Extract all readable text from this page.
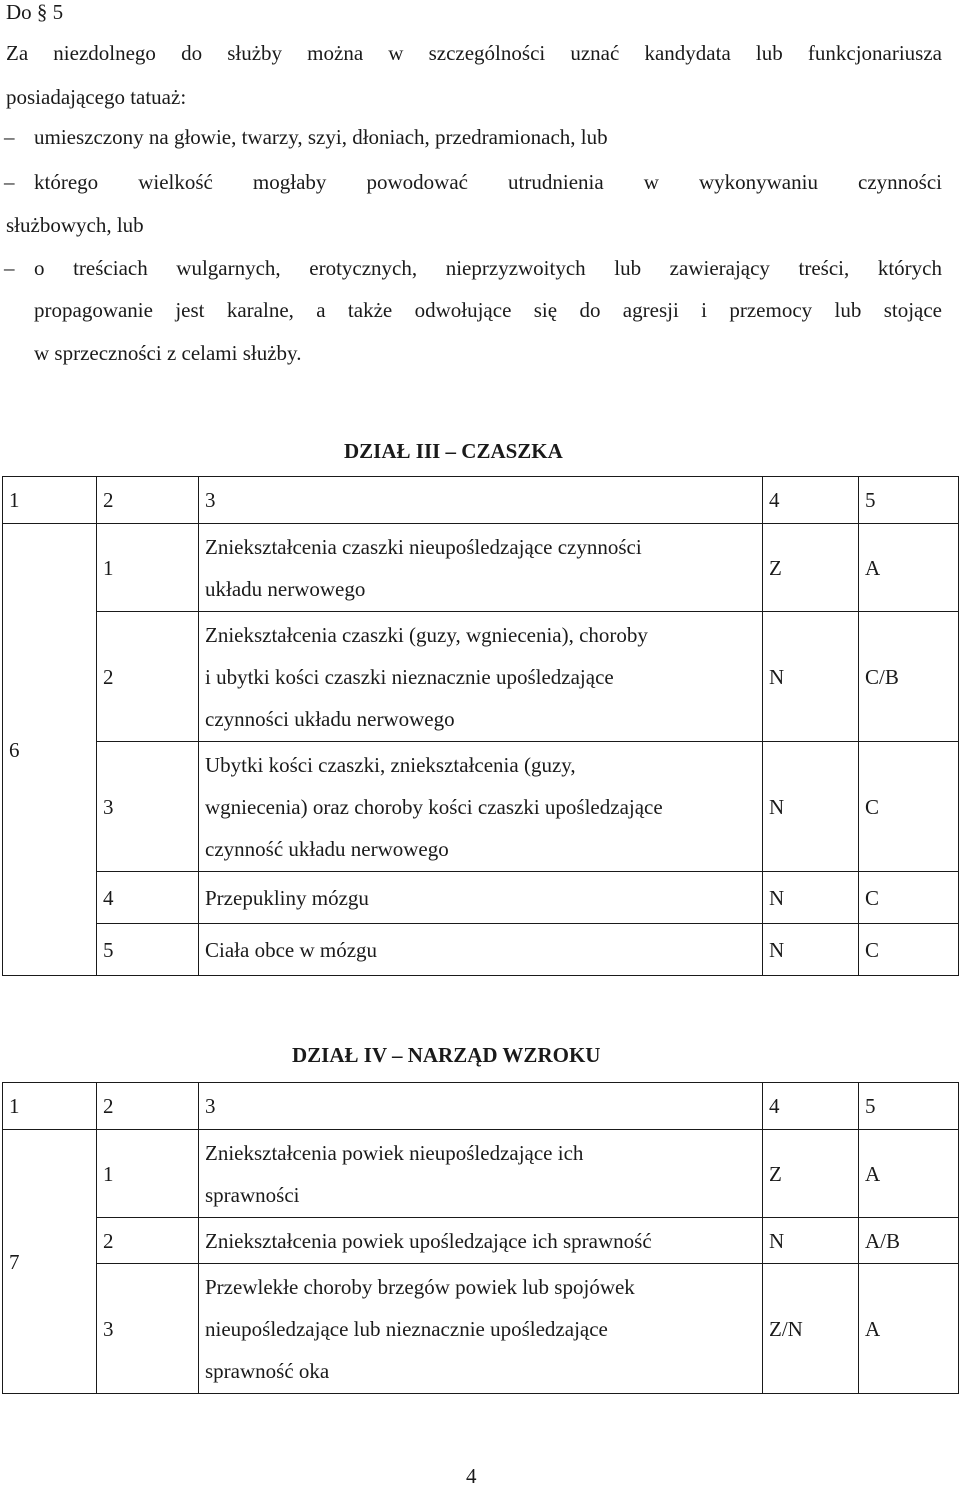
Do § 5
Za niezdolnego do służby można w szczególności uznać kandydata lub funkcjonariusza
posiadającego tatuaż:
– umieszczony na głowie, twarzy, szyi, dłoniach, przedramionach, lub
– którego wielkość mogłaby powodować utrudnienia w wykonywaniu czynności
służbowych, lub
– o treściach wulgarnych, erotycznych, nieprzyzwoitych lub zawierający treści, których
propagowanie jest karalne, a także odwołujące się do agresji i przemocy lub stojące
w sprzeczności z celami służby.
DZIAŁ III – CZASZKA
1	2	3	4	5
6	1	Zniekształcenia czaszki nieupośledzające czynności
układu nerwowego	Z	A
	2	Zniekształcenia czaszki (guzy, wgniecenia), choroby
i ubytki kości czaszki nieznacznie upośledzające
czynności układu nerwowego	N	C/B
	3	Ubytki kości czaszki, zniekształcenia (guzy,
wgniecenia) oraz choroby kości czaszki upośledzające
czynność układu nerwowego	N	C
	4	Przepukliny mózgu	N	C
	5	Ciała obce w mózgu	N	C
DZIAŁ IV – NARZĄD WZROKU
1	2	3	4	5
7	1	Zniekształcenia powiek nieupośledzające ich
sprawności	Z	A
	2	Zniekształcenia powiek upośledzające ich sprawność	N	A/B
	3	Przewlekłe choroby brzegów powiek lub spojówek
nieupośledzające lub nieznacznie upośledzające
sprawność oka	Z/N	A
4
